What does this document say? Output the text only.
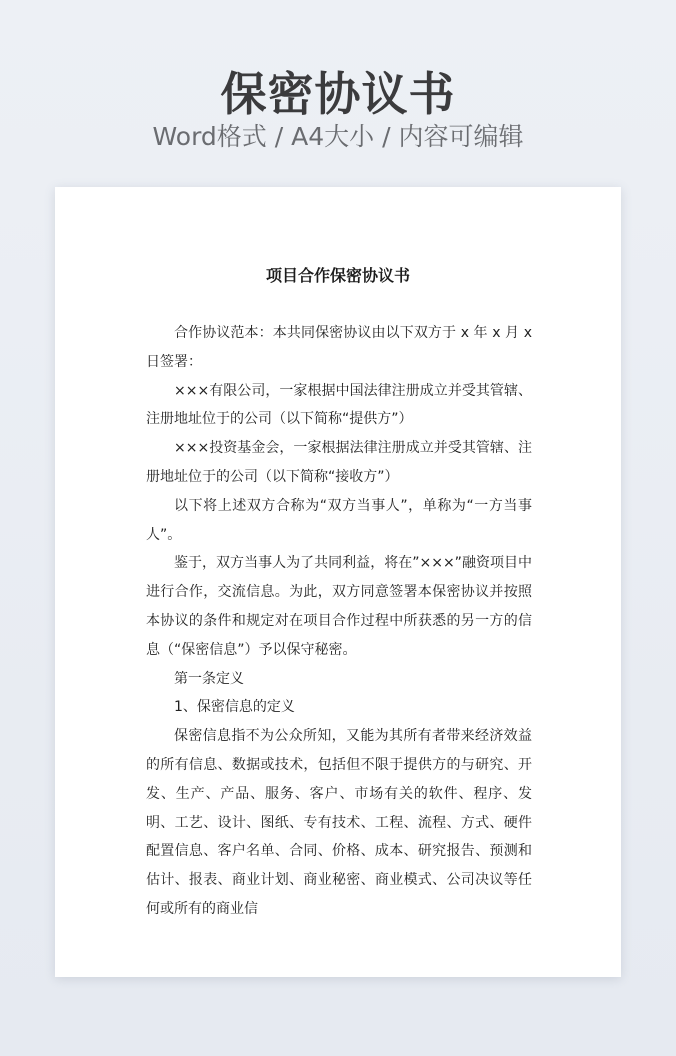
保密协议书
Word格式 / A4大小 / 内容可编辑
项目合作保密协议书

合作协议范本：本共同保密协议由以下双方于 x 年 x 月 x 日签署：

×××有限公司，一家根据中国法律注册成立并受其管辖、注册地址位于的公司（以下简称“提供方”）

×××投资基金会，一家根据法律注册成立并受其管辖、注册地址位于的公司（以下简称“接收方”）

以下将上述双方合称为“双方当事人”，单称为“一方当事人”。

鉴于，双方当事人为了共同利益，将在”×××”融资项目中进行合作，交流信息。为此，双方同意签署本保密协议并按照本协议的条件和规定对在项目合作过程中所获悉的另一方的信息（“保密信息”）予以保守秘密。

第一条定义

1、保密信息的定义

保密信息指不为公众所知，又能为其所有者带来经济效益的所有信息、数据或技术，包括但不限于提供方的与研究、开发、生产、产品、服务、客户、市场有关的软件、程序、发明、工艺、设计、图纸、专有技术、工程、流程、方式、硬件配置信息、客户名单、合同、价格、成本、研究报告、预测和估计、报表、商业计划、商业秘密、商业模式、公司决议等任何或所有的商业信
